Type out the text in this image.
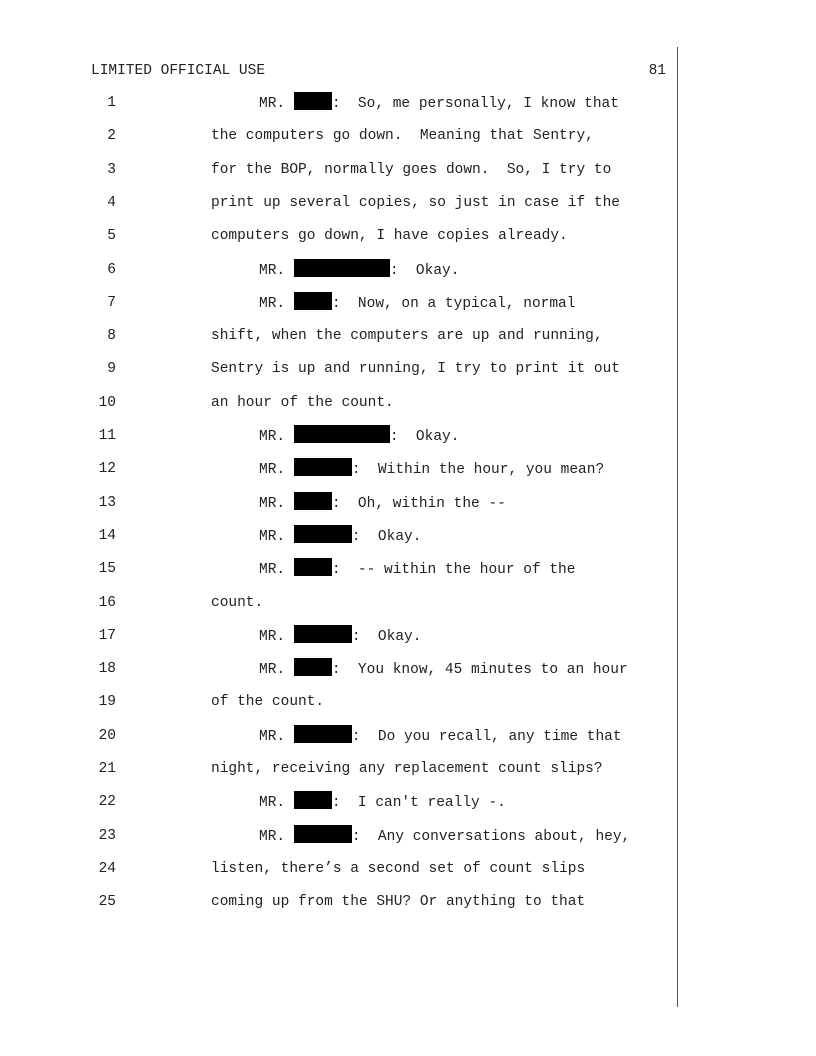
LIMITED OFFICIAL USE	81
1	MR.	:  So, me personally, I know that
2	the computers go down.  Meaning that Sentry,
3	for the BOP, normally goes down.  So, I try to
4	print up several copies, so just in case if the
5	computers go down, I have copies already.
6	MR.	:  Okay.
7	MR.	:  Now, on a typical, normal
8	shift, when the computers are up and running,
9	Sentry is up and running, I try to print it out
10	an hour of the count.
11	MR.	:  Okay.
12	MR.	:  Within the hour, you mean?
13	MR.	:  Oh, within the --
14	MR.	:  Okay.
15	MR.	:  -- within the hour of the
16	count.
17	MR.	:  Okay.
18	MR.	:  You know, 45 minutes to an hour
19	of the count.
20	MR.	:  Do you recall, any time that
21	night, receiving any replacement count slips?
22	MR.	:  I can't really -.
23	MR.	:  Any conversations about, hey,
24	listen, there’s a second set of count slips
25	coming up from the SHU? Or anything to that
